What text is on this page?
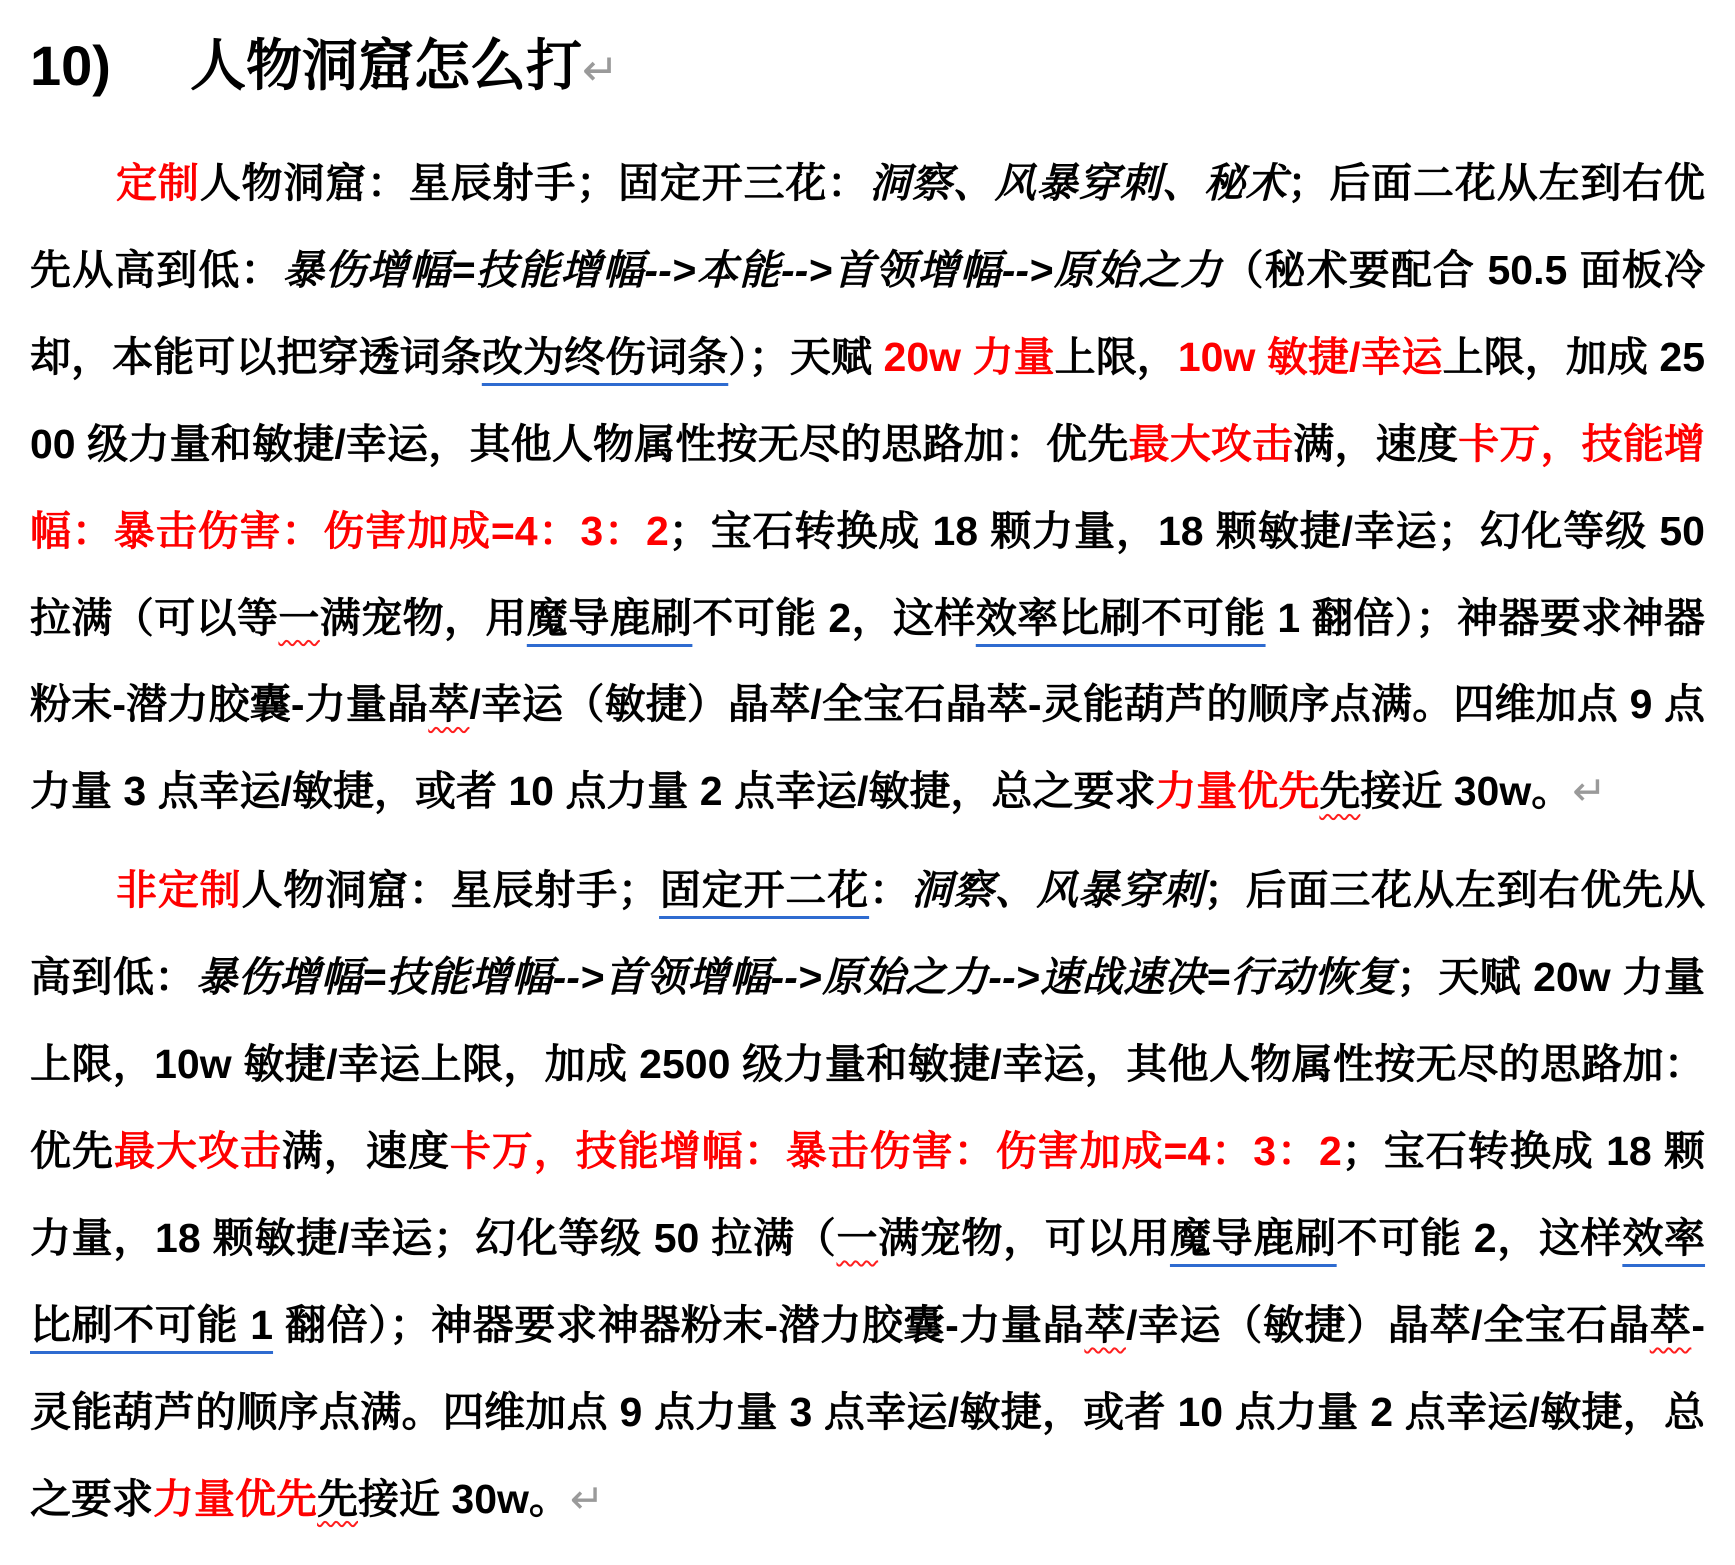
10) 人物洞窟怎么打↵

定制人物洞窟：星辰射手；固定开三花：洞察、风暴穿刺、秘术；后面二花从左到右优先从高到低：暴伤增幅=技能增幅-->本能-->首领增幅-->原始之力（秘术要配合 50.5 面板冷却，本能可以把穿透词条改为终伤词条）；天赋 20w 力量上限，10w 敏捷/幸运上限，加成 2500 级力量和敏捷/幸运，其他人物属性按无尽的思路加：优先最大攻击满，速度卡万，技能增幅：暴击伤害：伤害加成=4：3：2；宝石转换成 18 颗力量，18 颗敏捷/幸运；幻化等级 50 拉满（可以等一满宠物，用魔导鹿刷不可能 2，这样效率比刷不可能 1 翻倍）；神器要求神器粉末-潜力胶囊-力量晶萃/幸运（敏捷）晶萃/全宝石晶萃-灵能葫芦的顺序点满。四维加点 9 点力量 3 点幸运/敏捷，或者 10 点力量 2 点幸运/敏捷，总之要求力量优先先接近 30w。↵

非定制人物洞窟：星辰射手；固定开二花：洞察、风暴穿刺；后面三花从左到右优先从高到低：暴伤增幅=技能增幅-->首领增幅-->原始之力-->速战速决=行动恢复；天赋 20w 力量上限，10w 敏捷/幸运上限，加成 2500 级力量和敏捷/幸运，其他人物属性按无尽的思路加：优先最大攻击满，速度卡万，技能增幅：暴击伤害：伤害加成=4：3：2；宝石转换成 18 颗力量，18 颗敏捷/幸运；幻化等级 50 拉满（一满宠物，可以用魔导鹿刷不可能 2，这样效率比刷不可能 1 翻倍）；神器要求神器粉末-潜力胶囊-力量晶萃/幸运（敏捷）晶萃/全宝石晶萃-灵能葫芦的顺序点满。四维加点 9 点力量 3 点幸运/敏捷，或者 10 点力量 2 点幸运/敏捷，总之要求力量优先先接近 30w。↵
